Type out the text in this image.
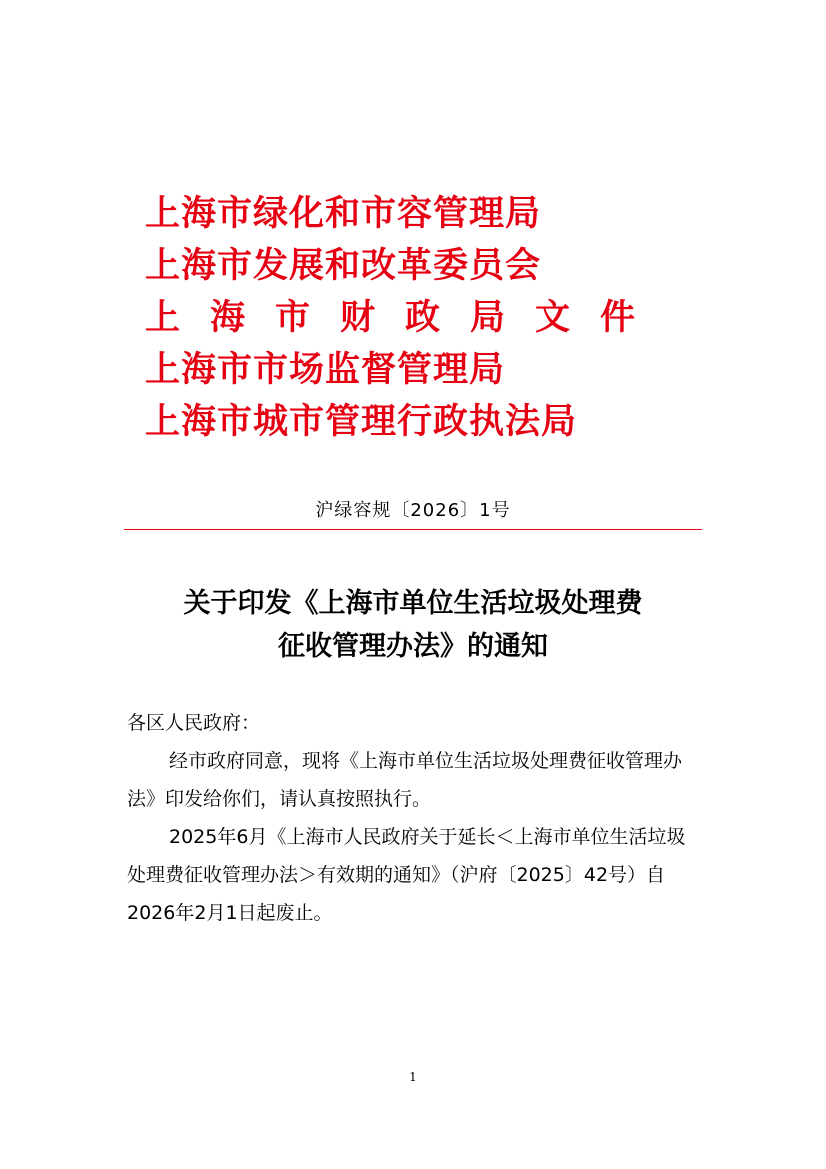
上海市绿化和市容管理局
上海市发展和改革委员会
上海市财政局文件
上海市市场监督管理局
上海市城市管理行政执法局
沪绿容规〔2026〕1号
关于印发《上海市单位生活垃圾处理费
征收管理办法》的通知

各区人民政府：

经市政府同意，现将《上海市单位生活垃圾处理费征收管理办法》印发给你们，请认真按照执行。

2025年6月《上海市人民政府关于延长＜上海市单位生活垃圾处理费征收管理办法＞有效期的通知》（沪府〔2025〕42号）自2026年2月1日起废止。

1
